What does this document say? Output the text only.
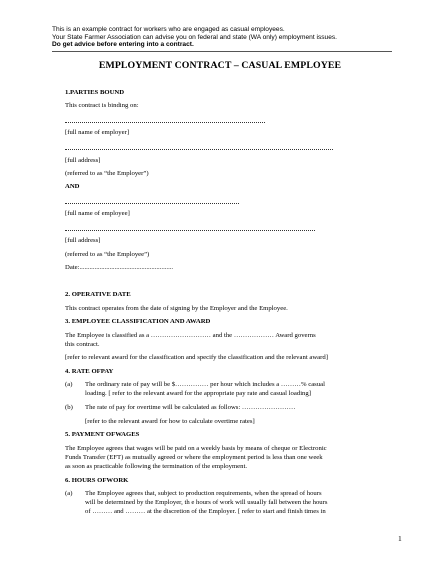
This is an example contract for workers who are engaged as casual employees.
Your State Farmer Association can advise you on federal and state (WA only) employment issues.
Do get advice before entering into a contract.
EMPLOYMENT CONTRACT – CASUAL EMPLOYEE
1.PARTIES BOUND
This contract is binding on:
[full name of employer]
[full address]
(referred to as “the Employer”)
AND
[full name of employee]
[full address]
(referred to as “the Employee”)
Date:........................................................
2. OPERATIVE DATE
This contract operates from the date of signing by the Employer and the Employee.
3. EMPLOYEE CLASSIFICATION AND AWARD
The Employee is classified as a ……………………… and the ……………… Award governs
this contract.
[refer to relevant award for the classification and specify the classification and the relevant award]
4. RATE OFPAY
(a) The ordinary rate of pay will be $…………… per hour which includes a ………% casual
loading. [ refer to the relevant award for the appropriate pay rate and casual loading]
(b) The rate of pay for overtime will be calculated as follows: ……………………
[refer to the relevant award for how to calculate overtime rates]
5. PAYMENT OFWAGES
The Employee agrees that wages will be paid on a weekly basis by means of cheque or Electronic
Funds Transfer (EFT) as mutually agreed or where the employment period is less than one week
as soon as practicable following the termination of the employment.
6. HOURS OFWORK
(a) The Employee agrees that, subject to production requirements, when the spread of hours
will be determined by the Employer, th e hours of work will usually fall between the hours
of ……… and ……… at the discretion of the Employer. [ refer to start and finish times in
1
